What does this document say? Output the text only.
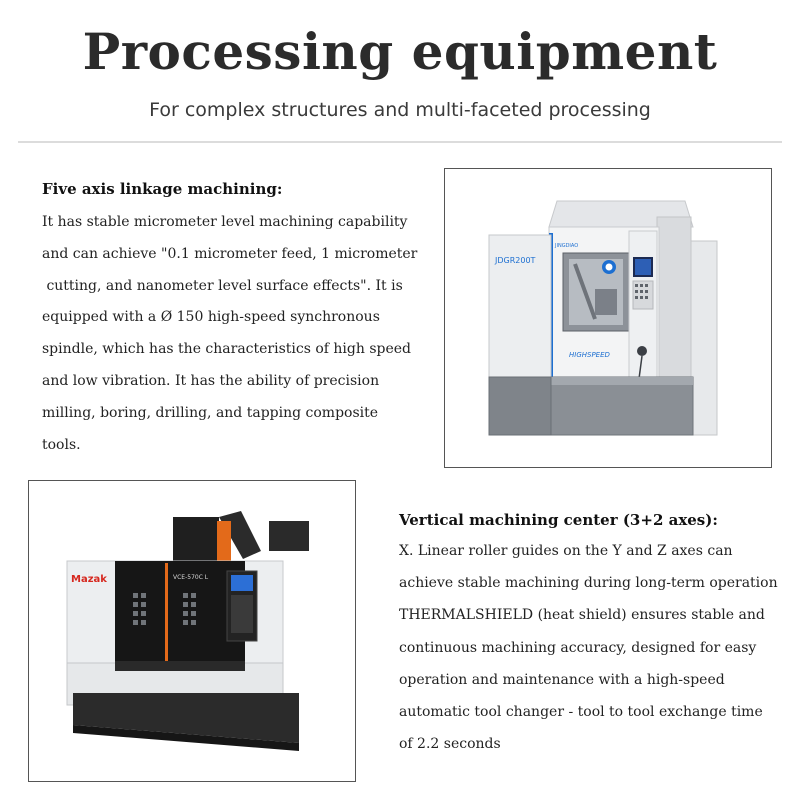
Processing equipment
For complex structures and multi-faceted processing
Five axis linkage machining:
It has stable micrometer level machining capability
and can achieve "0.1 micrometer feed, 1 micrometer
cutting, and nanometer level surface effects". It is
equipped with a Ø 150 high-speed synchronous
spindle, which has the characteristics of high speed
and low vibration. It has the ability of precision
milling, boring, drilling, and tapping composite
tools.
JDGR200T
JINGDIAO
HIGHSPEED
Mazak	VCE-570C L
Vertical machining center (3+2 axes):
X. Linear roller guides on the Y and Z axes can
achieve stable machining during long-term operation
THERMALSHIELD (heat shield) ensures stable and
continuous machining accuracy, designed for easy
operation and maintenance with a high-speed
automatic tool changer - tool to tool exchange time
of 2.2 seconds
